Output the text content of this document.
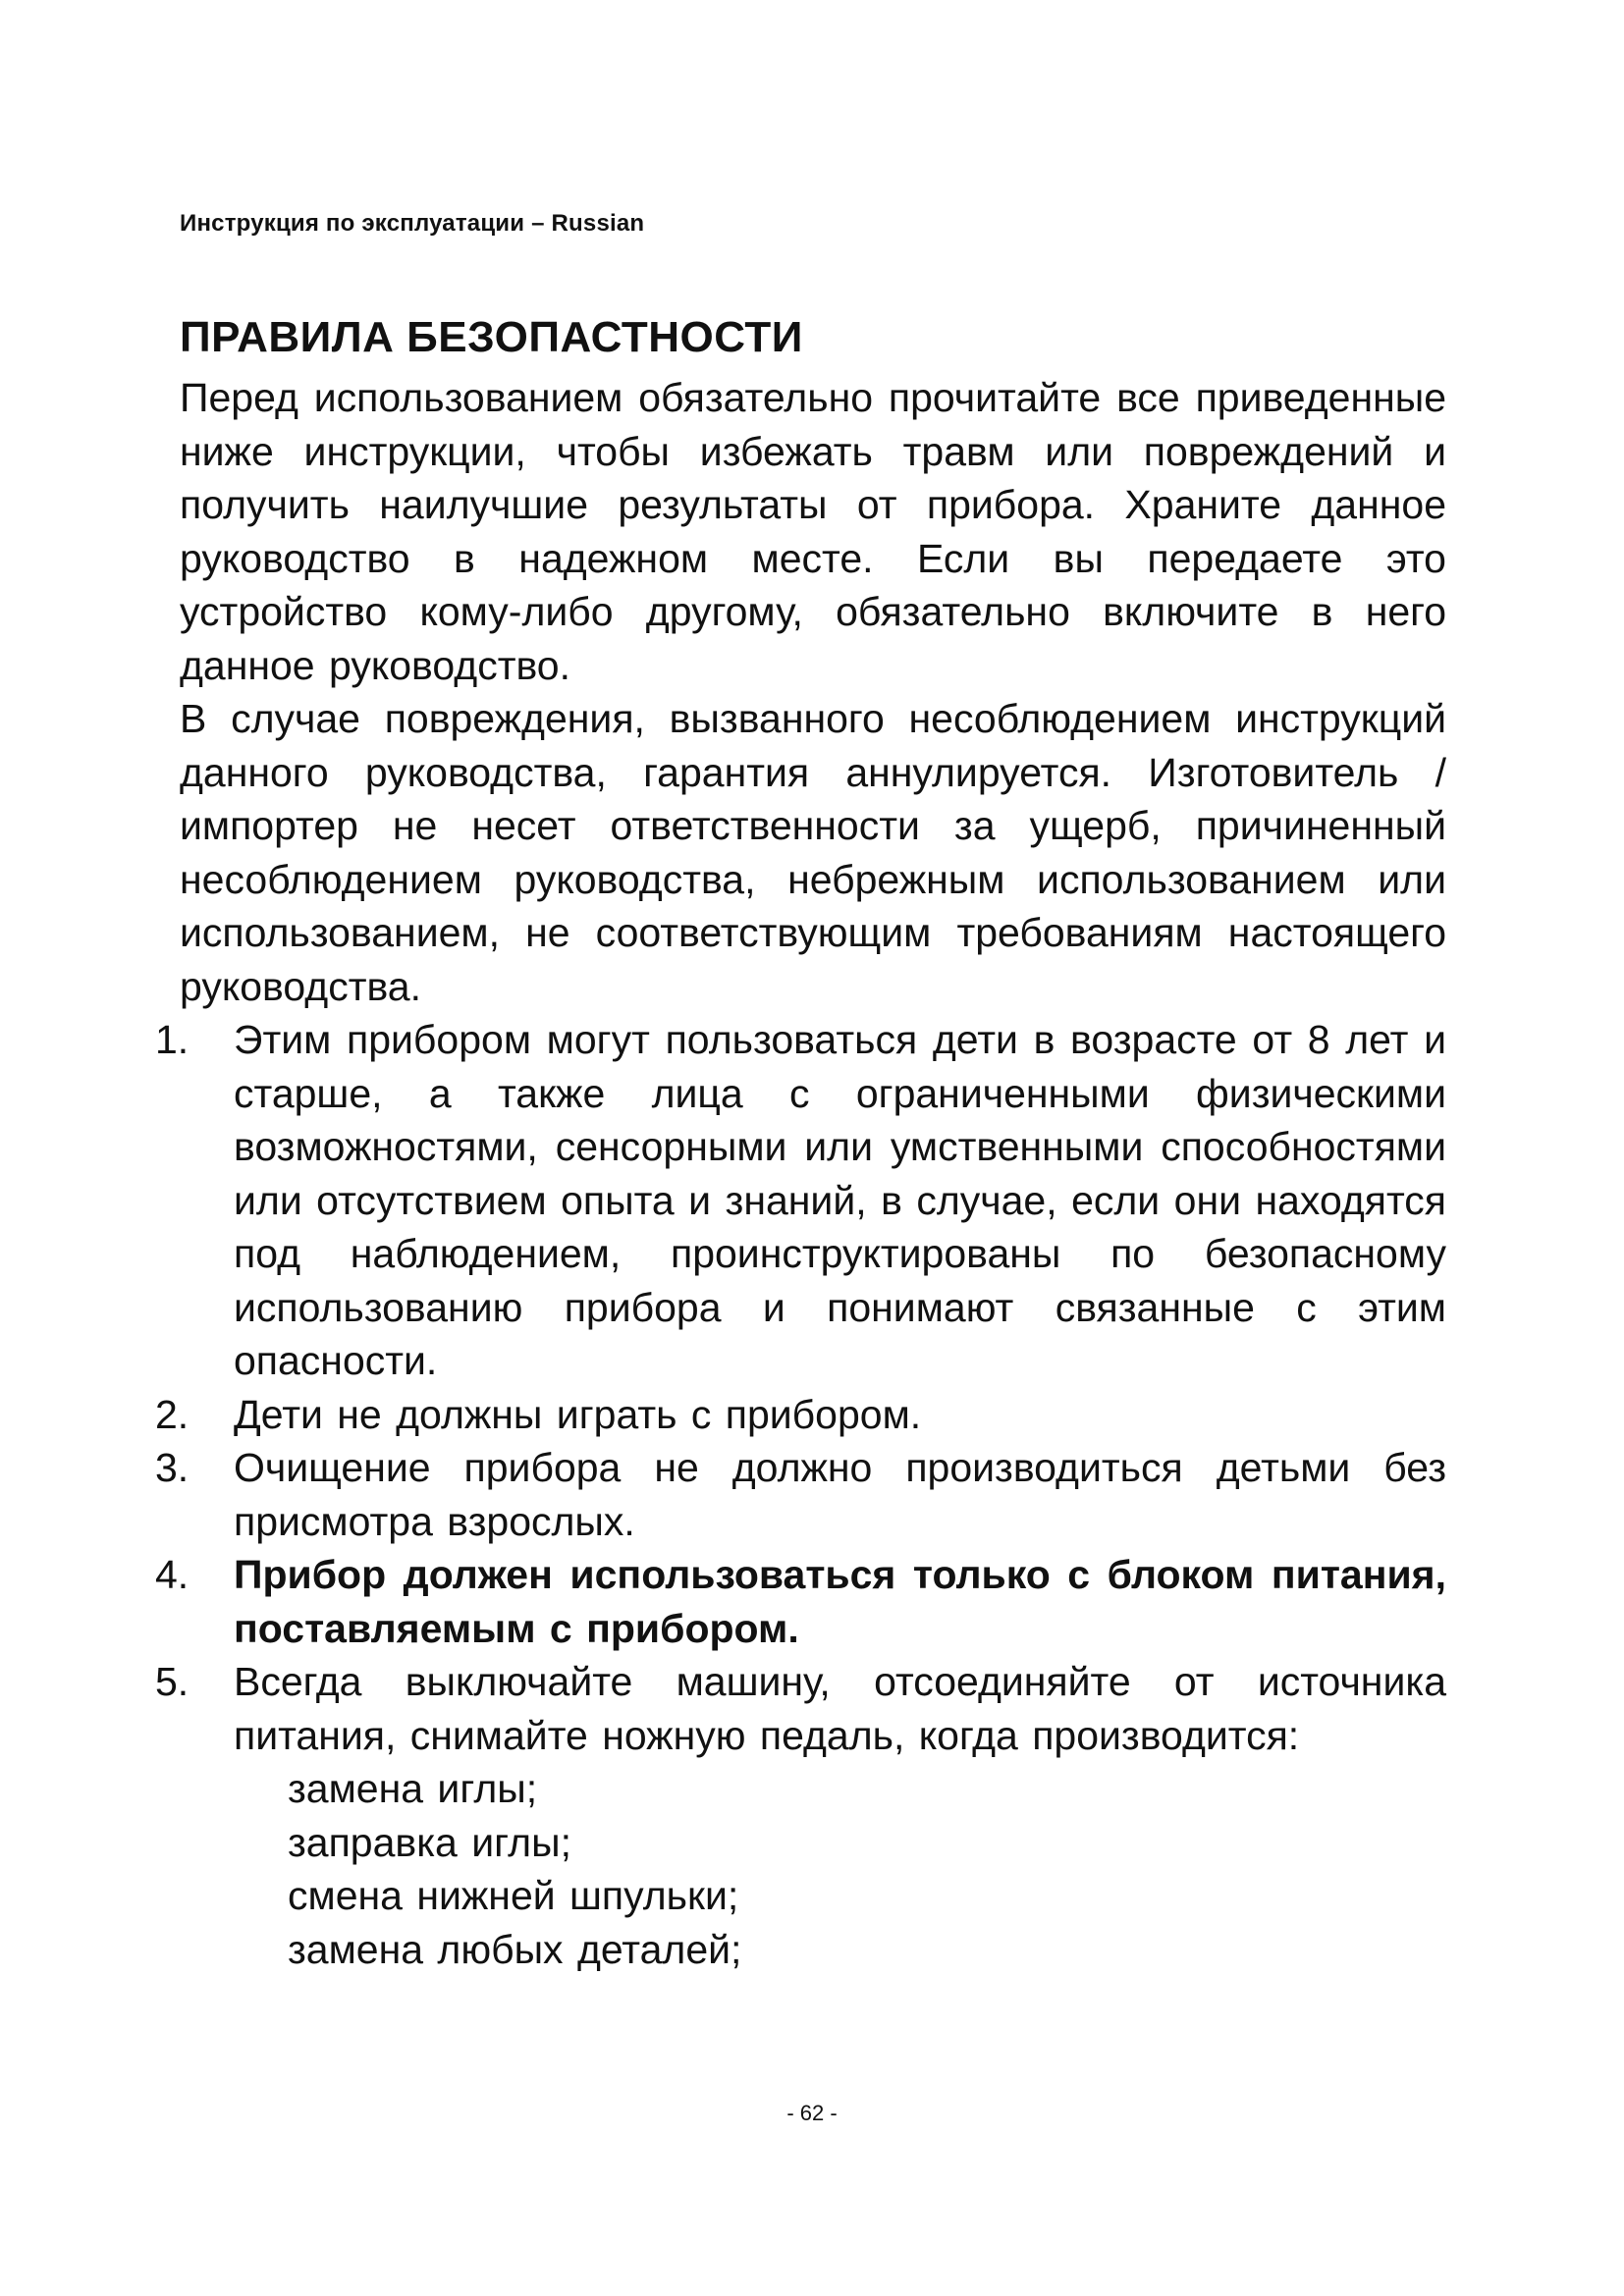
Инструкция по эксплуатации – Russian
ПРАВИЛА БЕЗОПАСТНОСТИ

Перед использованием обязательно прочитайте все приведенные ниже инструкции, чтобы избежать травм или повреждений и получить наилучшие результаты от прибора. Храните данное руководство в надежном месте. Если вы передаете это устройство кому-либо другому, обязательно включите в него данное руководство.

В случае повреждения, вызванного несоблюдением инструкций данного руководства, гарантия аннулируется. Изготовитель / импортер не несет ответственности за ущерб, причиненный несоблюдением руководства, небрежным использованием или использованием, не соответствующим требованиям настоящего руководства.

1. Этим прибором могут пользоваться дети в возрасте от 8 лет и старше, а также лица с ограниченными физическими возможностями, сенсорными или умственными способностями или отсутствием опыта и знаний, в случае, если они находятся под наблюдением, проинструктированы по безопасному использованию прибора и понимают связанные с этим опасности.
2. Дети не должны играть с прибором.
3. Очищение прибора не должно производиться детьми без присмотра взрослых.
4. Прибор должен использоваться только с блоком питания, поставляемым с прибором.
5. Всегда выключайте машину, отсоединяйте от источника питания, снимайте ножную педаль, когда производится:
замена иглы;
заправка иглы;
смена нижней шпульки;
замена любых деталей;
- 62 -
